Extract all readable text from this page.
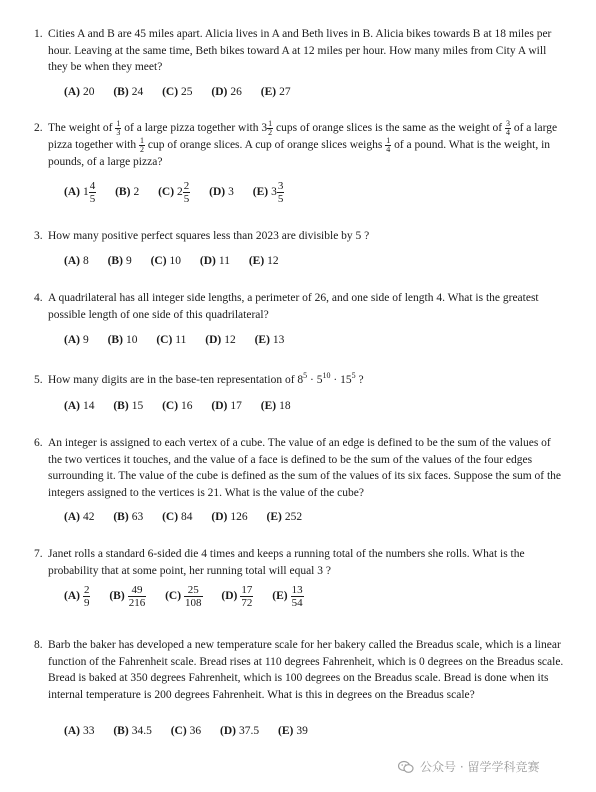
1. Cities A and B are 45 miles apart. Alicia lives in A and Beth lives in B. Alicia bikes towards B at 18 miles per hour. Leaving at the same time, Beth bikes toward A at 12 miles per hour. How many miles from City A will they be when they meet?

(A) 20 (B) 24 (C) 25 (D) 26 (E) 27
2. The weight of $\frac{1}{3}$ of a large pizza together with $3 \frac{1}{2}$ cups of orange slices is the same as the weight of $\frac{3}{4}$ of a large pizza together with $\frac{1}{2}$ cup of orange slices. A cup of orange slices weighs $\frac{1}{4}$ of a pound. What is the weight, in pounds, of a large pizza?

(A) $1 \frac{4}{5} (B)$ 2 (C) $2 \frac{2}{5} (D)$ 3 (E) $3 \frac{3}{5}$
3. How many positive perfect squares less than 2023 are divisible by 5 ?

(A) 8 (B) 9 (C) 10 (D) 11 (E) 12
4. A quadrilateral has all integer side lengths, a perimeter of 26, and one side of length 4. What is the greatest possible length of one side of this quadrilateral?

(A) 9 (B) 10 (C) 11 (D) 12 (E) 13
5. How many digits are in the base-ten representation of $8^5 \cdot 5^{10} \cdot 15^5$ ?

(A) 14 (B) 15 (C) 16 (D) 17 (E) 18
6. An integer is assigned to each vertex of a cube. The value of an edge is defined to be the sum of the values of the two vertices it touches, and the value of a face is defined to be the sum of the values of the four edges surrounding it. The value of the cube is defined as the sum of the values of its six faces. Suppose the sum of the integers assigned to the vertices is 21. What is the value of the cube?

(A) 42 (B) 63 (C) 84 (D) 126 (E) 252
7. Janet rolls a standard 6-sided die 4 times and keeps a running total of the numbers she rolls. What is the probability that at some point, her running total will equal 3 ?

$(A) \frac{2}{9} (B) \frac{49}{216} (C) \frac{25}{108} (D) \frac{17}{72} (E) \frac{13}{54}$
8. Barb the baker has developed a new temperature scale for her bakery called the Breadus scale, which is a linear function of the Fahrenheit scale. Bread rises at 110 degrees Fahrenheit, which is 0 degrees on the Breadus scale. Bread is baked at 350 degrees Fahrenheit, which is 100 degrees on the Breadus scale. Bread is done when its internal temperature is 200 degrees Fahrenheit. What is this in degrees on the Breadus scale?

(A) 33 (B) 34.5 (C) 36 (D) 37.5 (E) 39
公众号 · 留学学科竞赛
